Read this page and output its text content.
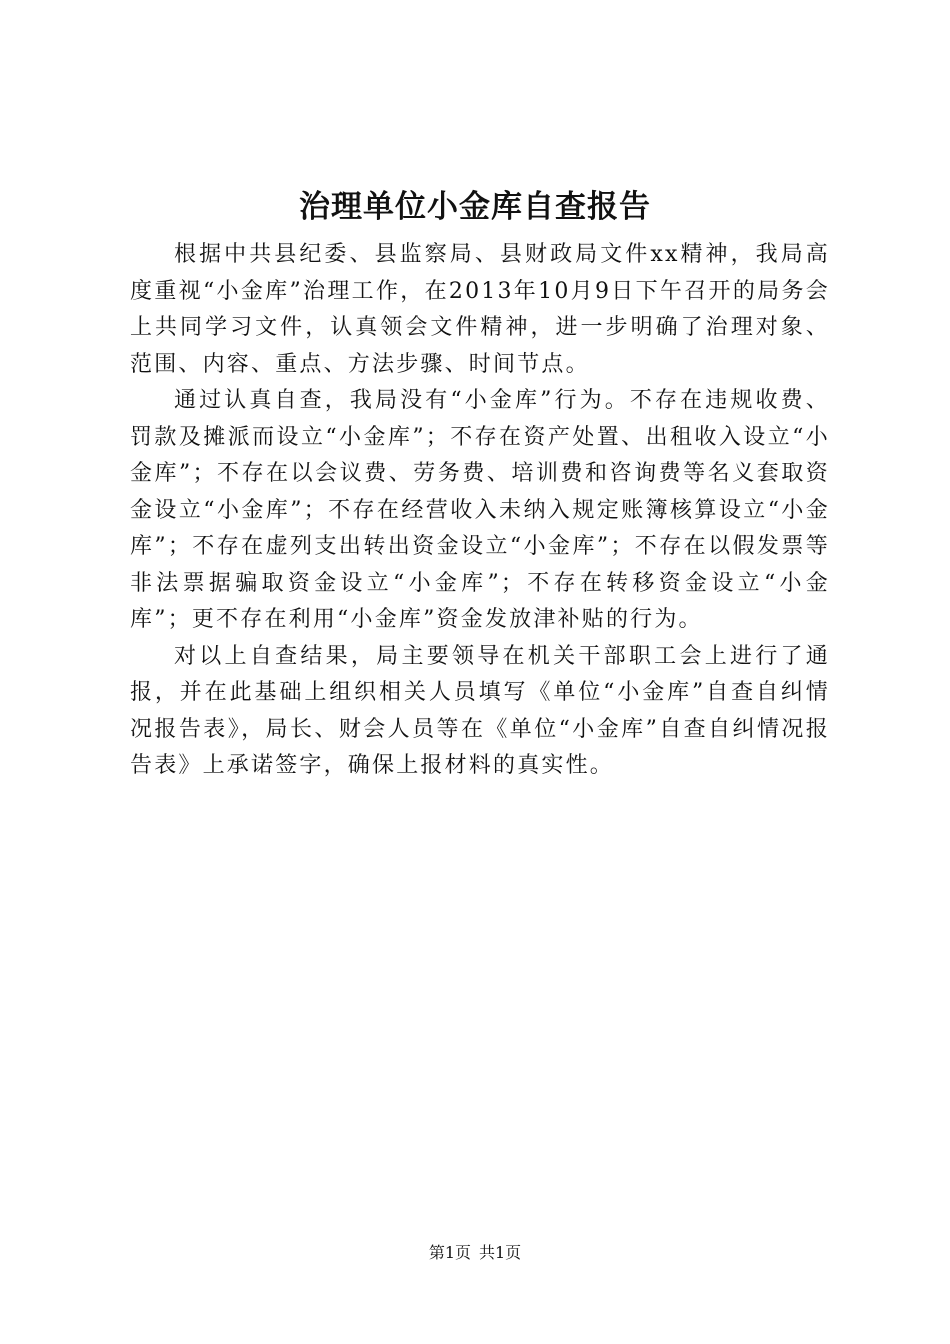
治理单位小金库自查报告

根据中共县纪委、县监察局、县财政局文件xx精神，我局高度重视“小金库”治理工作，在2013年10月9日下午召开的局务会上共同学习文件，认真领会文件精神，进一步明确了治理对象、范围、内容、重点、方法步骤、时间节点。

通过认真自查，我局没有“小金库”行为。不存在违规收费、罚款及摊派而设立“小金库”；不存在资产处置、出租收入设立“小金库”；不存在以会议费、劳务费、培训费和咨询费等名义套取资金设立“小金库”；不存在经营收入未纳入规定账簿核算设立“小金库”；不存在虚列支出转出资金设立“小金库”；不存在以假发票等非法票据骗取资金设立“小金库”；不存在转移资金设立“小金库”；更不存在利用“小金库”资金发放津补贴的行为。

对以上自查结果，局主要领导在机关干部职工会上进行了通报，并在此基础上组织相关人员填写《单位“小金库”自查自纠情况报告表》，局长、财会人员等在《单位“小金库”自查自纠情况报告表》上承诺签字，确保上报材料的真实性。

第1页 共1页
